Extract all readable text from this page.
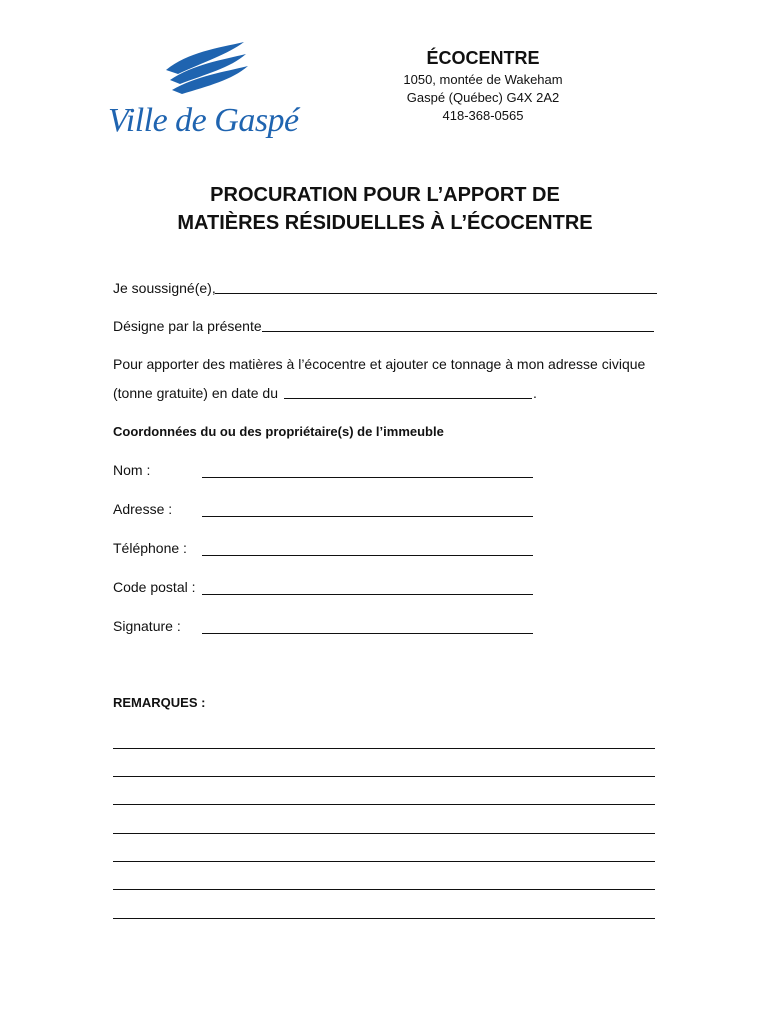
Ville de Gaspé
ÉCOCENTRE
1050, montée de Wakeham
Gaspé (Québec) G4X 2A2
418-368-0565
PROCURATION POUR L’APPORT DE
MATIÈRES RÉSIDUELLES À L’ÉCOCENTRE
Je soussigné(e),
Désigne par la présente
Pour apporter des matières à l’écocentre et ajouter ce tonnage à mon adresse civique
(tonne gratuite) en date du	.
Coordonnées du ou des propriétaire(s) de l’immeuble
Nom :
Adresse :
Téléphone :
Code postal :
Signature :
REMARQUES :
